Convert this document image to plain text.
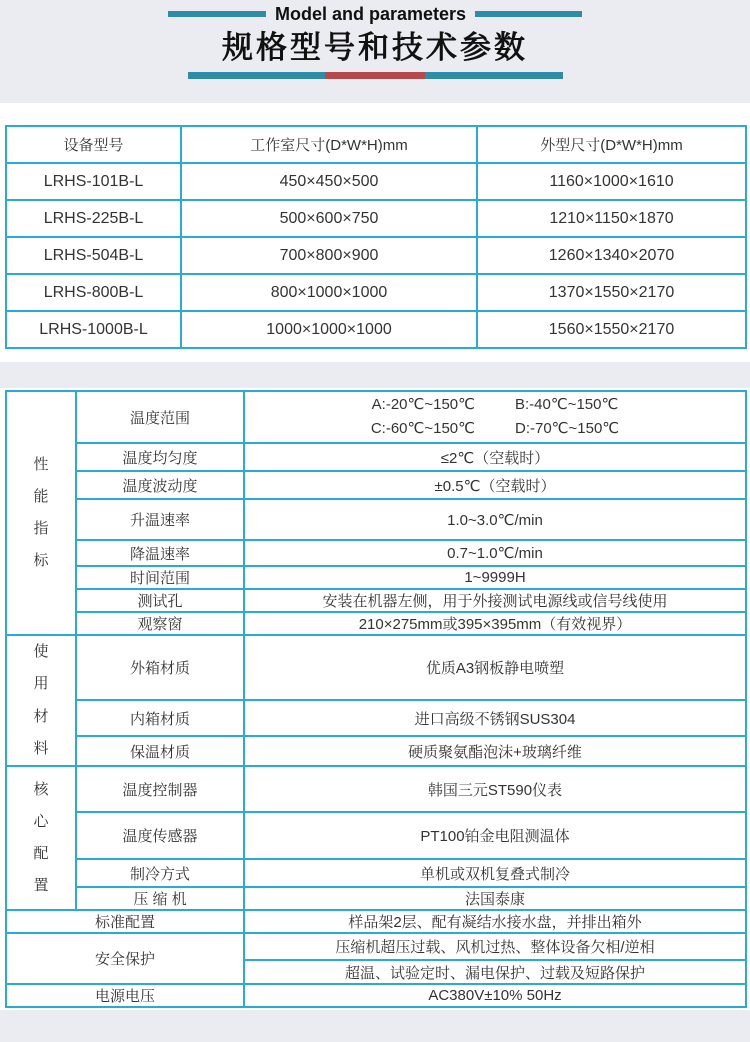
Model and parameters
规格型号和技术参数
设备型号	工作室尺寸(D*W*H)mm	外型尺寸(D*W*H)mm
LRHS-101B-L	450×450×500	1160×1000×1610
LRHS-225B-L	500×600×750	1210×1150×1870
LRHS-504B-L	700×800×900	1260×1340×2070
LRHS-800B-L	800×1000×1000	1370×1550×2170
LRHS-1000B-L	1000×1000×1000	1560×1550×2170
性能指标	温度范围	A:-20℃~150℃ B:-40℃~150℃
C:-60℃~150℃ D:-70℃~150℃

	温度均匀度	≤2℃（空载时）
	温度波动度	±0.5℃（空载时）
	升温速率	1.0~3.0℃/min
	降温速率	0.7~1.0℃/min
	时间范围	1~9999H
	测试孔	安装在机器左侧，用于外接测试电源线或信号线使用
	观察窗	210×275mm或395×395mm（有效视界）
使用材料	外箱材质	优质A3钢板静电喷塑
	内箱材质	进口高级不锈钢SUS304
	保温材质	硬质聚氨酯泡沫+玻璃纤维
核心配置	温度控制器	韩国三元ST590仪表
	温度传感器	PT100铂金电阻测温体
	制冷方式	单机或双机复叠式制冷
	压 缩 机	法国泰康
标准配置		样品架2层、配有凝结水接水盘，并排出箱外
安全保护		压缩机超压过载、风机过热、整体设备欠相/逆相
		超温、试验定时、漏电保护、过载及短路保护
电源电压		AC380V±10% 50Hz
